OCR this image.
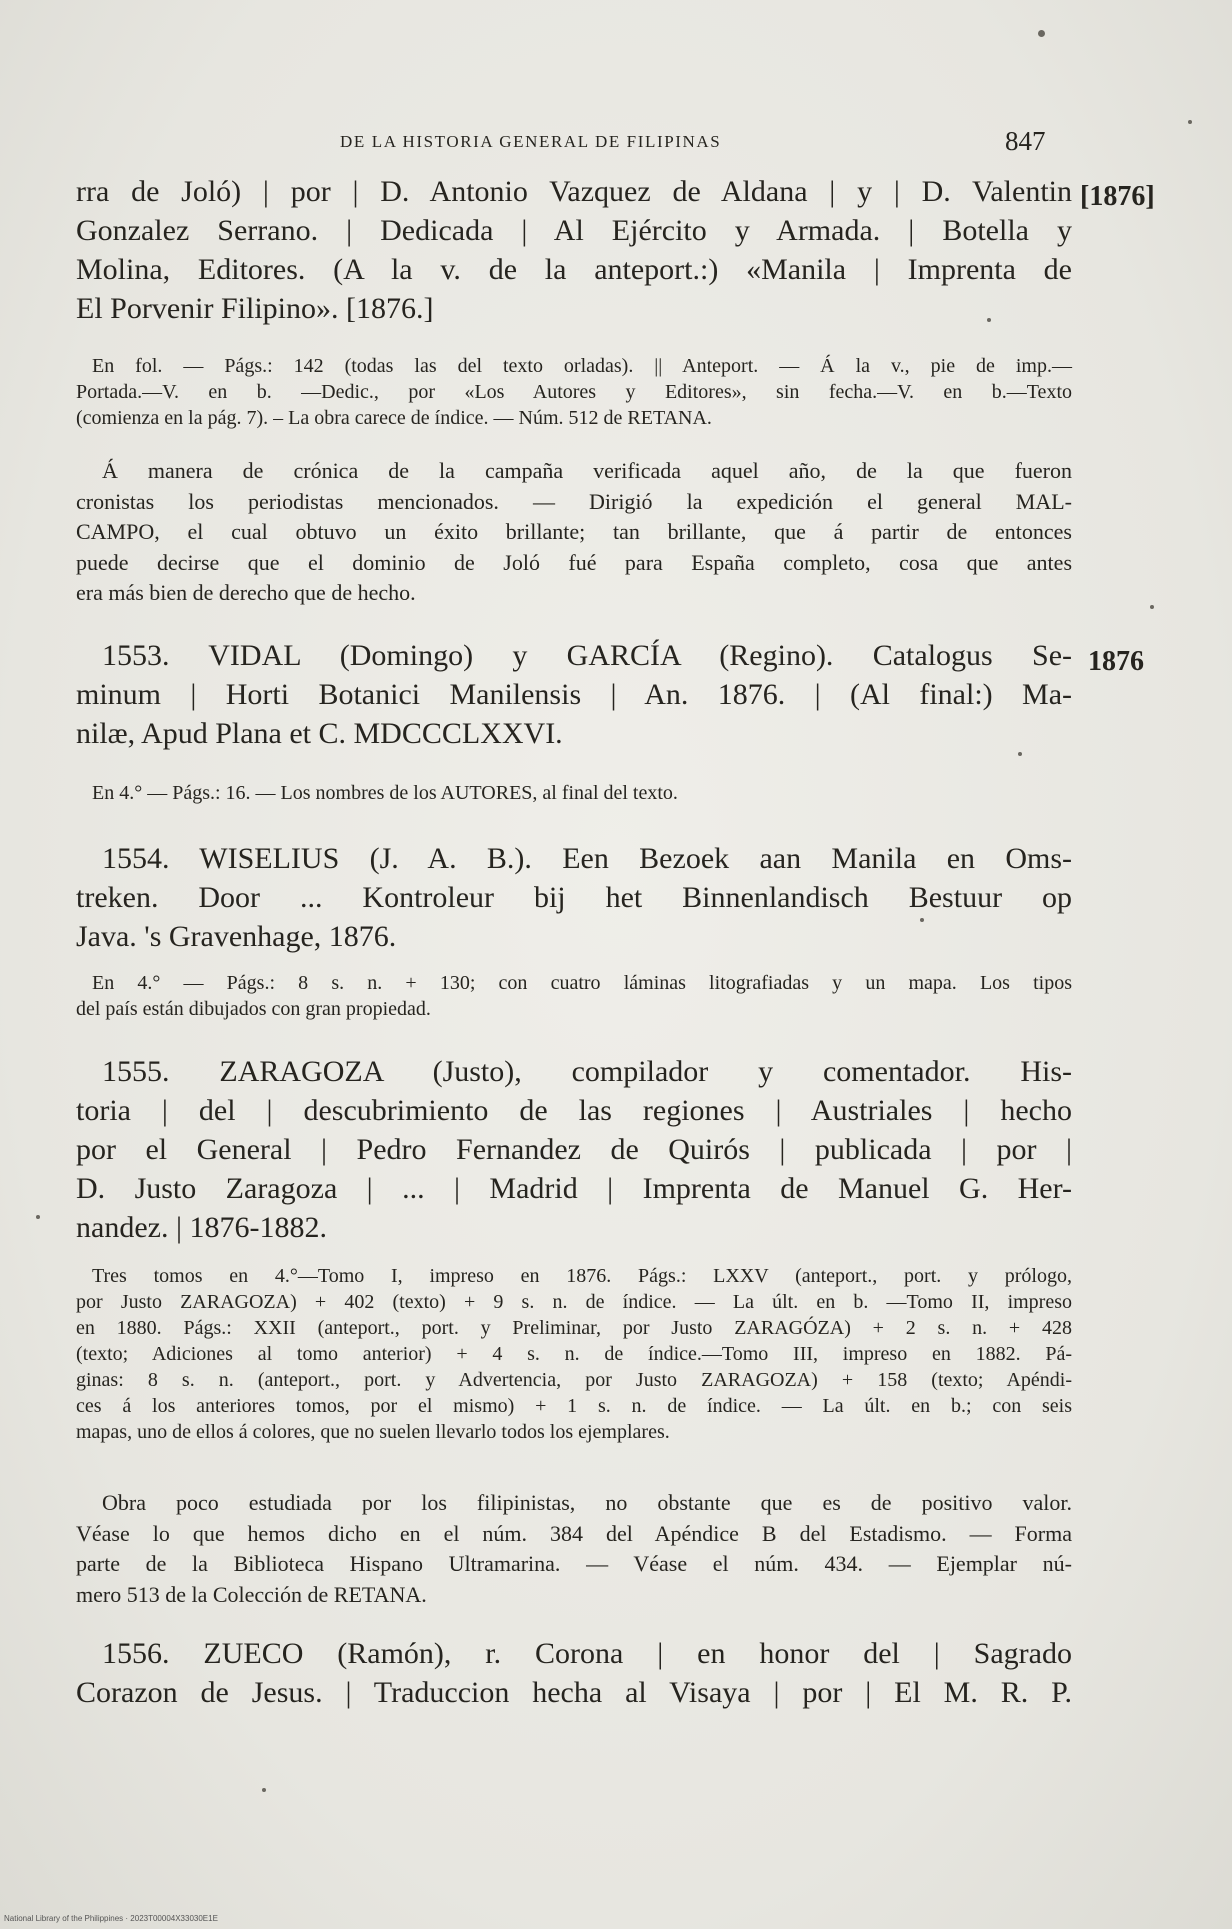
DE LA HISTORIA GENERAL DE FILIPINAS	847
[1876]
1876
rra de Joló) | por | D. Antonio Vazquez de Aldana | y | D. Valentin
Gonzalez Serrano. | Dedicada | Al Ejército y Armada. | Botella y
Molina, Editores. (A la v. de la anteport.:) «Manila | Imprenta de
El Porvenir Filipino». [1876.]
En fol. — Págs.: 142 (todas las del texto orladas). || Anteport. — Á la v., pie de imp.—
Portada.—V. en b. —Dedic., por «Los Autores y Editores», sin fecha.—V. en b.—Texto
(comienza en la pág. 7). – La obra carece de índice. — Núm. 512 de RETANA.
Á manera de crónica de la campaña verificada aquel año, de la que fueron
cronistas los periodistas mencionados. — Dirigió la expedición el general MAL-
CAMPO, el cual obtuvo un éxito brillante; tan brillante, que á partir de entonces
puede decirse que el dominio de Joló fué para España completo, cosa que antes
era más bien de derecho que de hecho.
1553. VIDAL (Domingo) y GARCÍA (Regino). Catalogus Se-
minum | Horti Botanici Manilensis | An. 1876. | (Al final:) Ma-
nilæ, Apud Plana et C. MDCCCLXXVI.
En 4.° — Págs.: 16. — Los nombres de los AUTORES, al final del texto.
1554. WISELIUS (J. A. B.). Een Bezoek aan Manila en Oms-
treken. Door ... Kontroleur bij het Binnenlandisch Bestuur op
Java. 's Gravenhage, 1876.
En 4.° — Págs.: 8 s. n. + 130; con cuatro láminas litografiadas y un mapa. Los tipos
del país están dibujados con gran propiedad.
1555. ZARAGOZA (Justo), compilador y comentador. His-
toria | del | descubrimiento de las regiones | Austriales | hecho
por el General | Pedro Fernandez de Quirós | publicada | por |
D. Justo Zaragoza | ... | Madrid | Imprenta de Manuel G. Her-
nandez. | 1876-1882.
Tres tomos en 4.°—Tomo I, impreso en 1876. Págs.: LXXV (anteport., port. y prólogo,
por Justo ZARAGOZA) + 402 (texto) + 9 s. n. de índice. — La últ. en b. —Tomo II, impreso
en 1880. Págs.: XXII (anteport., port. y Preliminar, por Justo ZARAGÓZA) + 2 s. n. + 428
(texto; Adiciones al tomo anterior) + 4 s. n. de índice.—Tomo III, impreso en 1882. Pá-
ginas: 8 s. n. (anteport., port. y Advertencia, por Justo ZARAGOZA) + 158 (texto; Apéndi-
ces á los anteriores tomos, por el mismo) + 1 s. n. de índice. — La últ. en b.; con seis
mapas, uno de ellos á colores, que no suelen llevarlo todos los ejemplares.
Obra poco estudiada por los filipinistas, no obstante que es de positivo valor.
Véase lo que hemos dicho en el núm. 384 del Apéndice B del Estadismo. — Forma
parte de la Biblioteca Hispano Ultramarina. — Véase el núm. 434. — Ejemplar nú-
mero 513 de la Colección de RETANA.
1556. ZUECO (Ramón), r. Corona | en honor del | Sagrado
Corazon de Jesus. | Traduccion hecha al Visaya | por | El M. R. P.
National Library of the Philippines · 2023T00004X33030E1E
